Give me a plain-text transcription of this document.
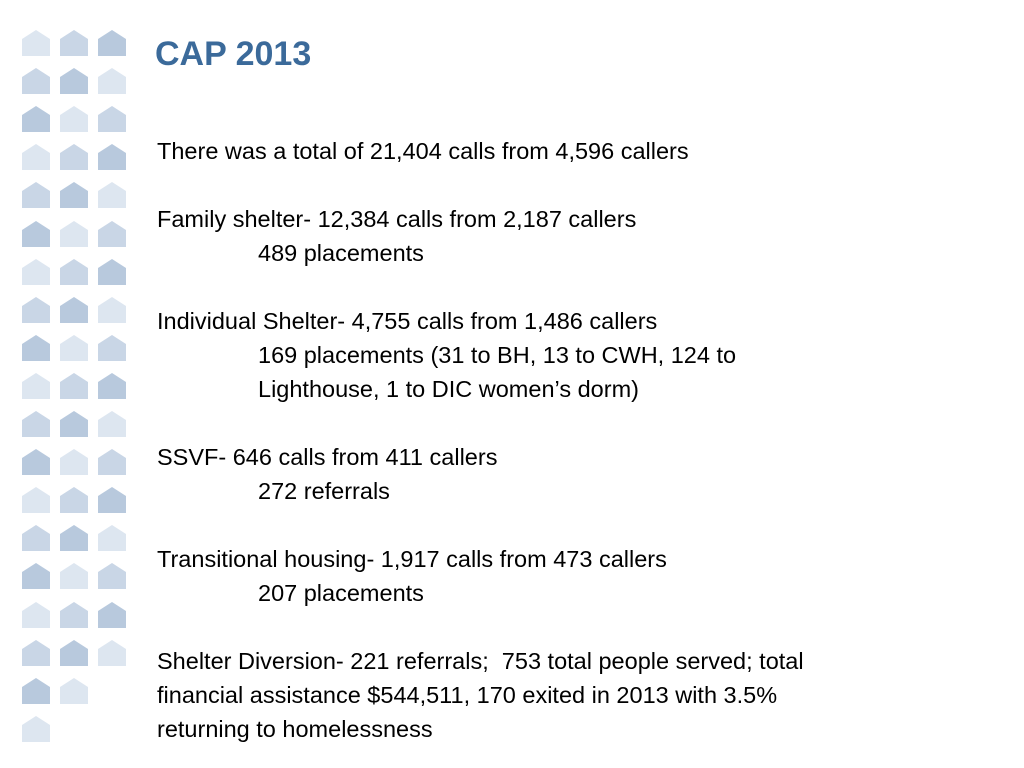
CAP 2013
There was a total of 21,404 calls from 4,596 callers
Family shelter- 12,384 calls from 2,187 callers
489 placements
Individual Shelter- 4,755 calls from 1,486 callers
169 placements (31 to BH, 13 to CWH, 124 to
Lighthouse, 1 to DIC women’s dorm)
SSVF- 646 calls from 411 callers
272 referrals
Transitional housing- 1,917 calls from 473 callers
207 placements
Shelter Diversion- 221 referrals;  753 total people served; total
financial assistance $544,511, 170 exited in 2013 with 3.5%
returning to homelessness
